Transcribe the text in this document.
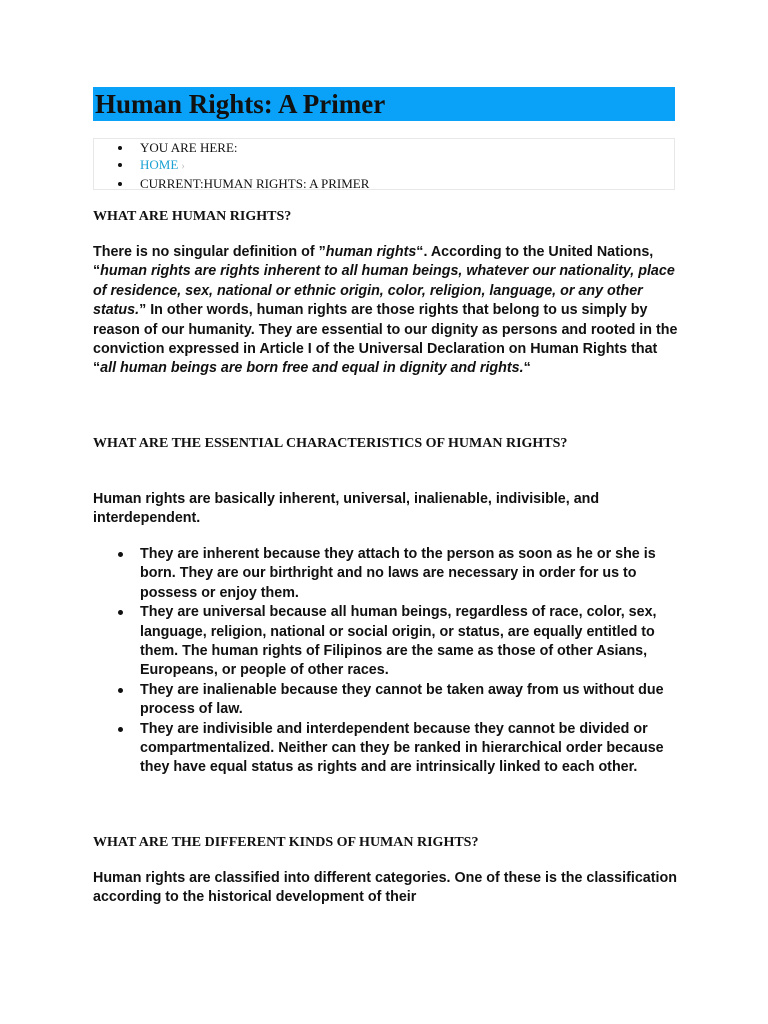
Human Rights: A Primer
YOU ARE HERE:
HOME ›
CURRENT:HUMAN RIGHTS: A PRIMER
WHAT ARE HUMAN RIGHTS?

There is no singular definition of ”human rights“. According to the United Nations, “human rights are rights inherent to all human beings, whatever our nationality, place of residence, sex, national or ethnic origin, color, religion, language, or any other status.” In other words, human rights are those rights that belong to us simply by reason of our humanity. They are essential to our dignity as persons and rooted in the conviction expressed in Article I of the Universal Declaration on Human Rights that “all human beings are born free and equal in dignity and rights.“

WHAT ARE THE ESSENTIAL CHARACTERISTICS OF HUMAN RIGHTS?

Human rights are basically inherent, universal, inalienable, indivisible, and interdependent.

They are inherent because they attach to the person as soon as he or she is born. They are our birthright and no laws are necessary in order for us to possess or enjoy them.
They are universal because all human beings, regardless of race, color, sex, language, religion, national or social origin, or status, are equally entitled to them. The human rights of Filipinos are the same as those of other Asians, Europeans, or people of other races.
They are inalienable because they cannot be taken away from us without due process of law.
They are indivisible and interdependent because they cannot be divided or compartmentalized. Neither can they be ranked in hierarchical order because they have equal status as rights and are intrinsically linked to each other.
WHAT ARE THE DIFFERENT KINDS OF HUMAN RIGHTS?

Human rights are classified into different categories. One of these is the classification according to the historical development of their
